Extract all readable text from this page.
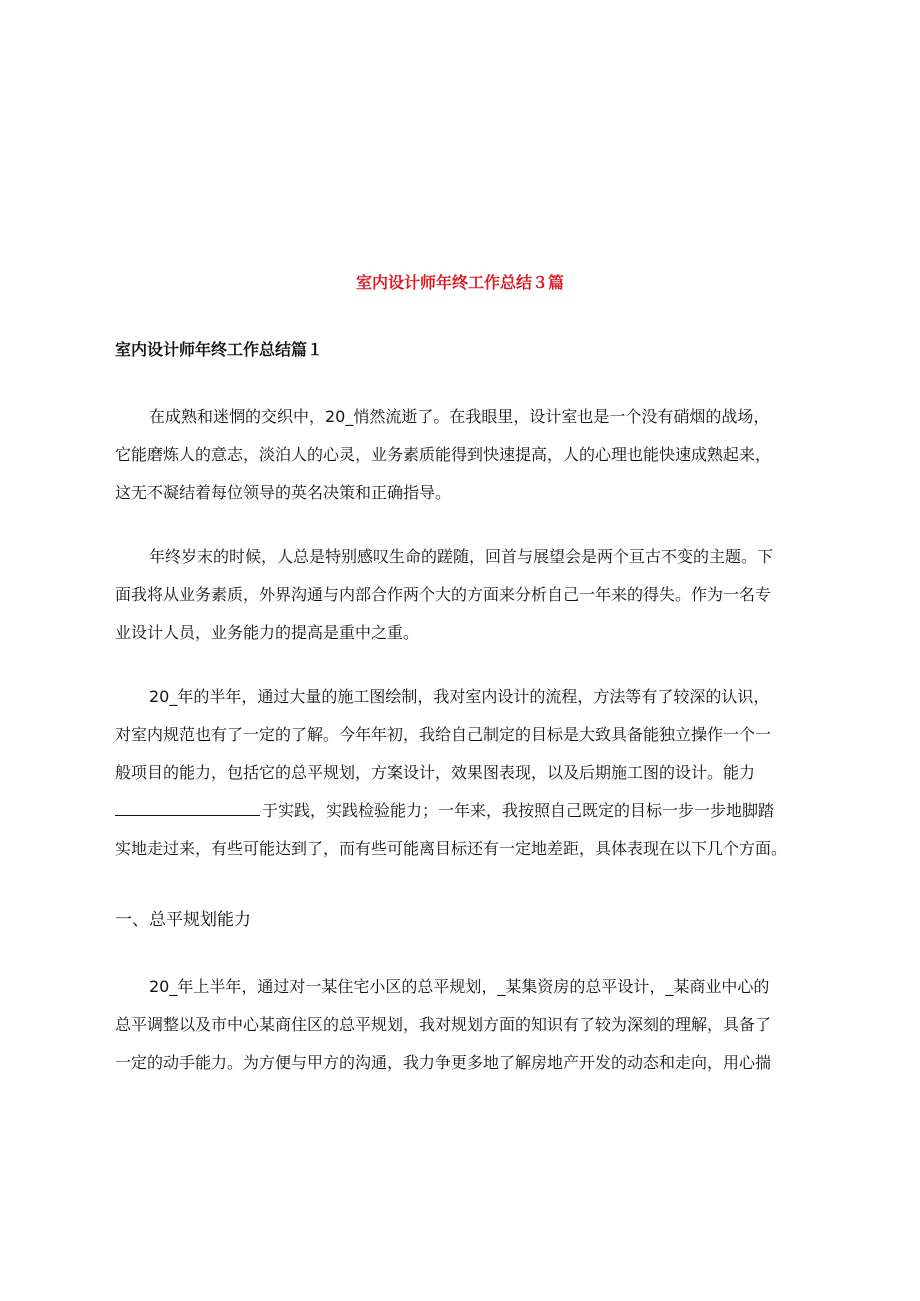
室内设计师年终工作总结３篇
室内设计师年终工作总结篇１
在成熟和迷惘的交织中，20_悄然流逝了。在我眼里，设计室也是一个没有硝烟的战场，
它能磨炼人的意志，淡泊人的心灵，业务素质能得到快速提高，人的心理也能快速成熟起来，
这无不凝结着每位领导的英名决策和正确指导。
年终岁末的时候，人总是特别感叹生命的蹉随，回首与展望会是两个亘古不变的主题。下
面我将从业务素质，外界沟通与内部合作两个大的方面来分析自己一年来的得失。作为一名专
业设计人员，业务能力的提高是重中之重。
20_年的半年，通过大量的施工图绘制，我对室内设计的流程，方法等有了较深的认识，
对室内规范也有了一定的了解。今年年初，我给自己制定的目标是大致具备能独立操作一个一
般项目的能力，包括它的总平规划，方案设计，效果图表现，以及后期施工图的设计。能力
于实践，实践检验能力；一年来，我按照自己既定的目标一步一步地脚踏
实地走过来，有些可能达到了，而有些可能离目标还有一定地差距，具体表现在以下几个方面。
一、总平规划能力
20_年上半年，通过对一某住宅小区的总平规划，_某集资房的总平设计，_某商业中心的
总平调整以及市中心某商住区的总平规划，我对规划方面的知识有了较为深刻的理解，具备了
一定的动手能力。为方便与甲方的沟通，我力争更多地了解房地产开发的动态和走向，用心揣
